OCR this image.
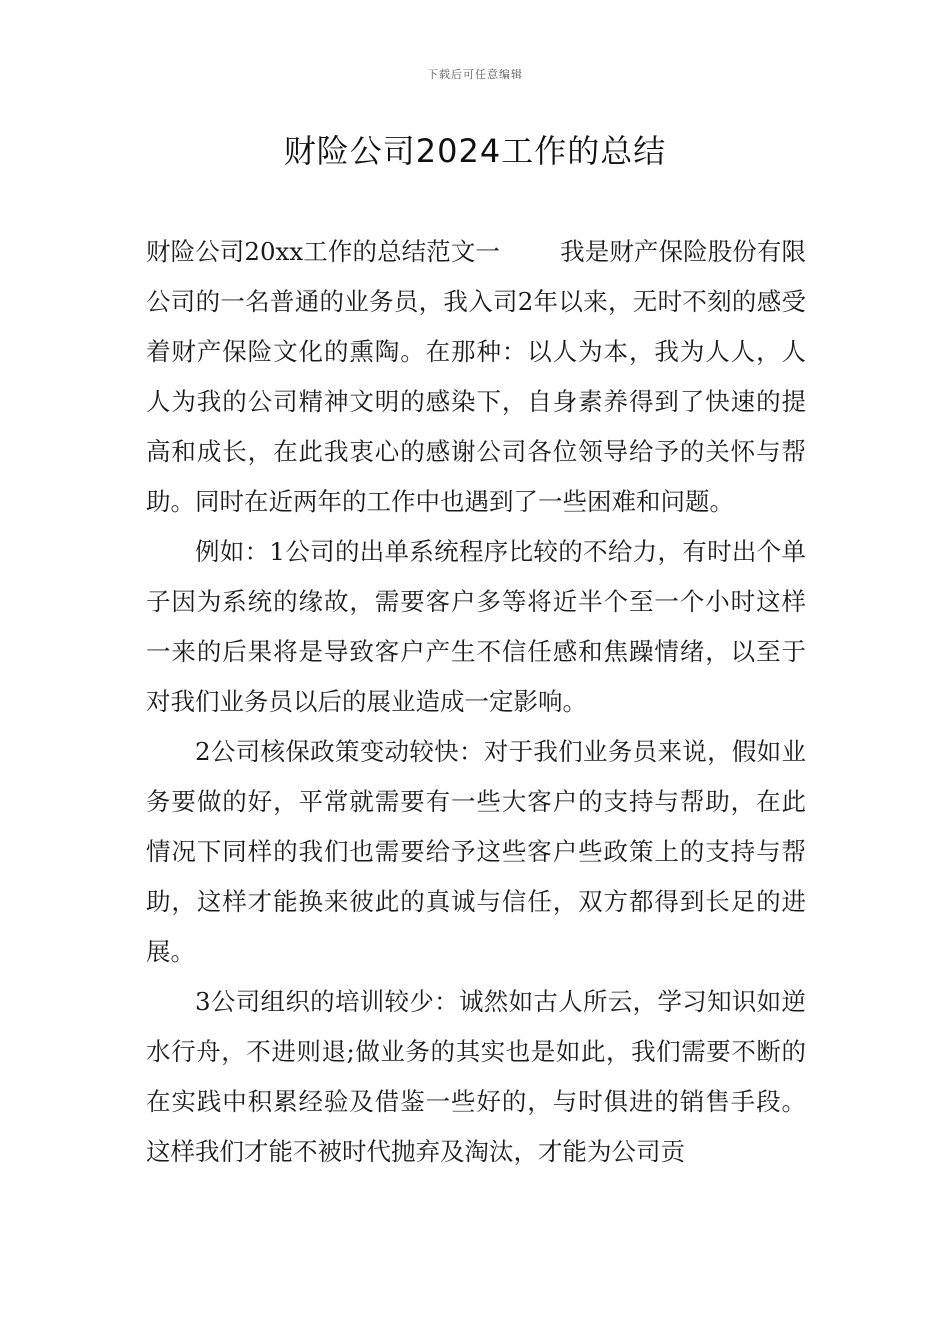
下载后可任意编辑
财险公司2024工作的总结

财险公司20xx工作的总结范文一 我是财产保险股份有限公司的一名普通的业务员，我入司2年以来，无时不刻的感受着财产保险文化的熏陶。在那种：以人为本，我为人人，人人为我的公司精神文明的感染下，自身素养得到了快速的提高和成长，在此我衷心的感谢公司各位领导给予的关怀与帮助。同时在近两年的工作中也遇到了一些困难和问题。

例如：1公司的出单系统程序比较的不给力，有时出个单子因为系统的缘故，需要客户多等将近半个至一个小时这样一来的后果将是导致客户产生不信任感和焦躁情绪，以至于对我们业务员以后的展业造成一定影响。

2公司核保政策变动较快：对于我们业务员来说，假如业务要做的好，平常就需要有一些大客户的支持与帮助，在此情况下同样的我们也需要给予这些客户些政策上的支持与帮助，这样才能换来彼此的真诚与信任，双方都得到长足的进展。

3公司组织的培训较少：诚然如古人所云，学习知识如逆水行舟，不进则退;做业务的其实也是如此，我们需要不断的在实践中积累经验及借鉴一些好的，与时俱进的销售手段。这样我们才能不被时代抛弃及淘汰，才能为公司贡
